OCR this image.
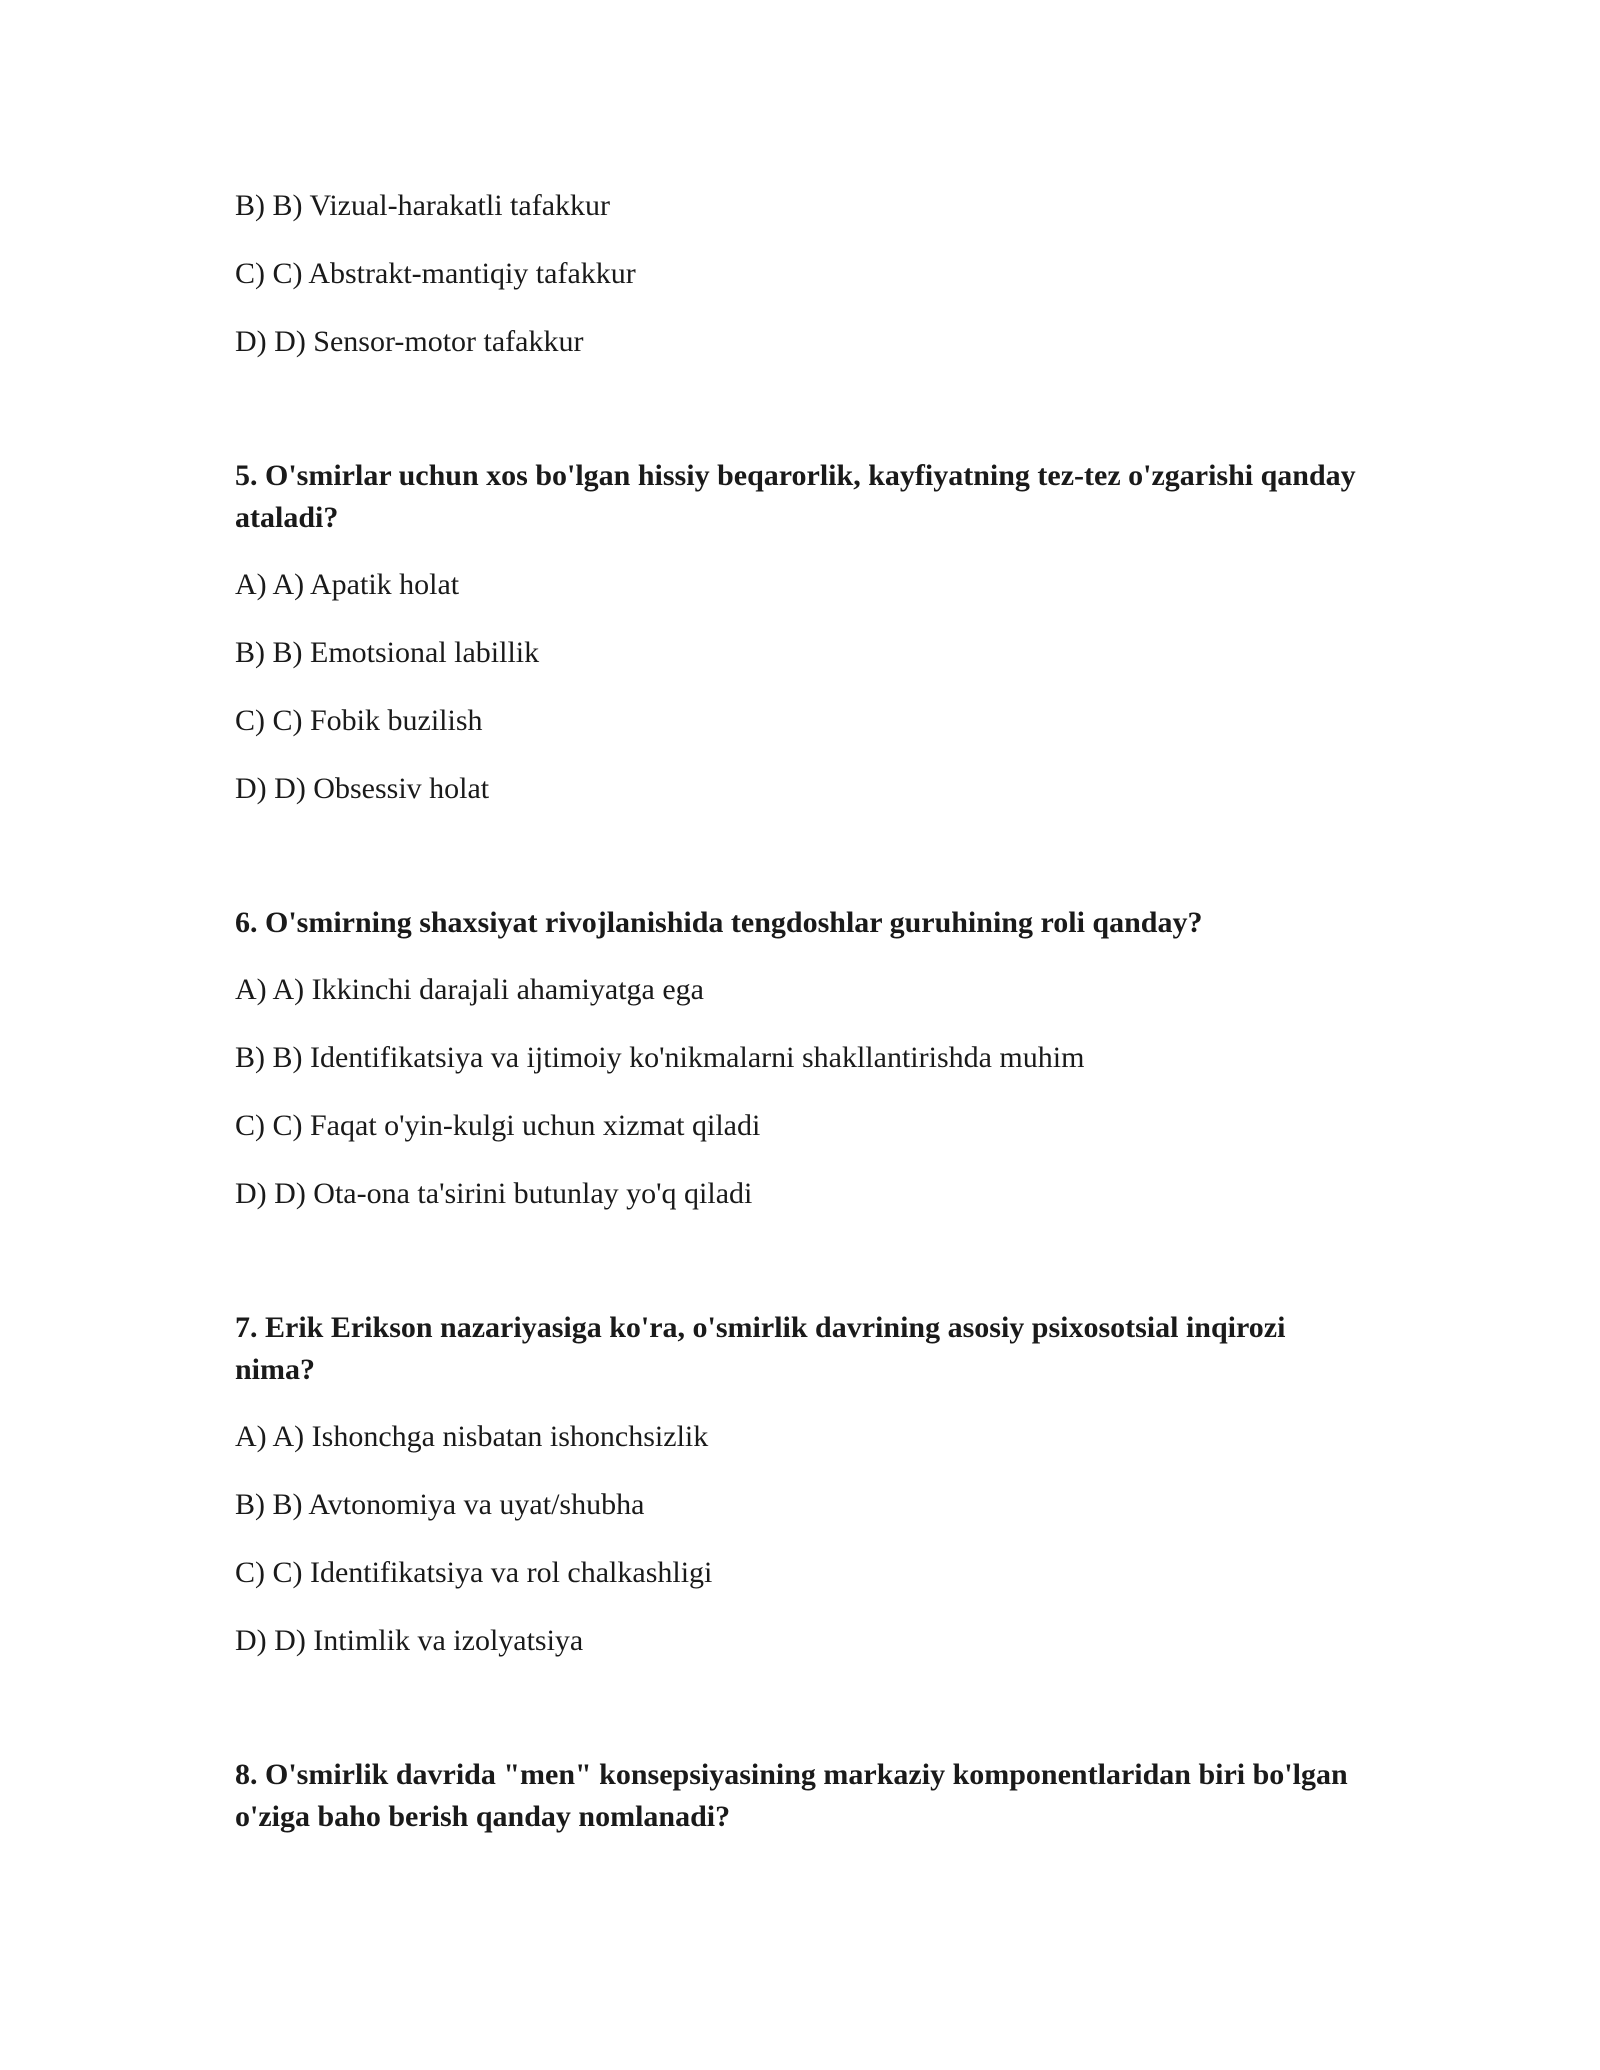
B) B) Vizual-harakatli tafakkur
C) C) Abstrakt-mantiqiy tafakkur
D) D) Sensor-motor tafakkur
5. O'smirlar uchun xos bo'lgan hissiy beqarorlik, kayfiyatning tez-tez o'zgarishi qanday ataladi?
A) A) Apatik holat
B) B) Emotsional labillik
C) C) Fobik buzilish
D) D) Obsessiv holat
6. O'smirning shaxsiyat rivojlanishida tengdoshlar guruhining roli qanday?
A) A) Ikkinchi darajali ahamiyatga ega
B) B) Identifikatsiya va ijtimoiy ko'nikmalarni shakllantirishda muhim
C) C) Faqat o'yin-kulgi uchun xizmat qiladi
D) D) Ota-ona ta'sirini butunlay yo'q qiladi
7. Erik Erikson nazariyasiga ko'ra, o'smirlik davrining asosiy psixosotsial inqirozi nima?
A) A) Ishonchga nisbatan ishonchsizlik
B) B) Avtonomiya va uyat/shubha
C) C) Identifikatsiya va rol chalkashligi
D) D) Intimlik va izolyatsiya
8. O'smirlik davrida "men" konsepsiyasining markaziy komponentlaridan biri bo'lgan o'ziga baho berish qanday nomlanadi?
